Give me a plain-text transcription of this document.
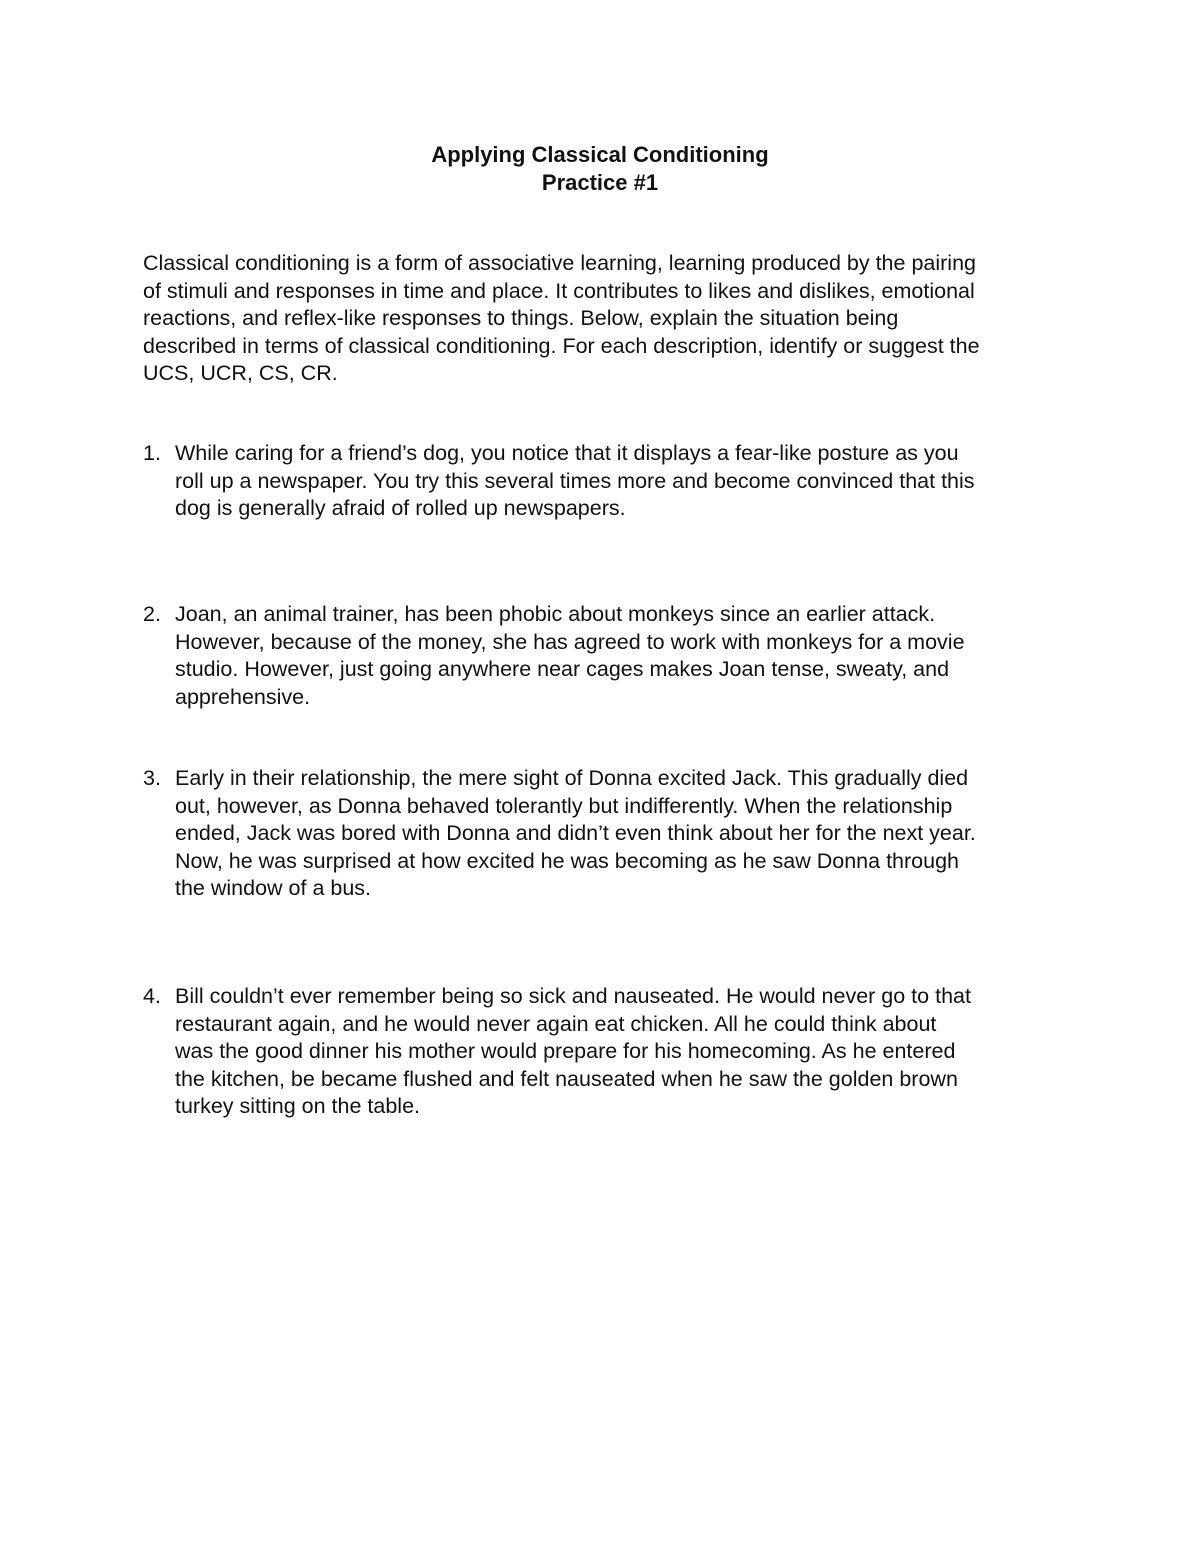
Applying Classical Conditioning
Practice #1
Classical conditioning is a form of associative learning, learning produced by the pairing
of stimuli and responses in time and place. It contributes to likes and dislikes, emotional
reactions, and reflex-like responses to things. Below, explain the situation being
described in terms of classical conditioning. For each description, identify or suggest the
UCS, UCR, CS, CR.
1. While caring for a friend’s dog, you notice that it displays a fear-like posture as you
roll up a newspaper. You try this several times more and become convinced that this
dog is generally afraid of rolled up newspapers.
2. Joan, an animal trainer, has been phobic about monkeys since an earlier attack.
However, because of the money, she has agreed to work with monkeys for a movie
studio. However, just going anywhere near cages makes Joan tense, sweaty, and
apprehensive.
3. Early in their relationship, the mere sight of Donna excited Jack. This gradually died
out, however, as Donna behaved tolerantly but indifferently. When the relationship
ended, Jack was bored with Donna and didn’t even think about her for the next year.
Now, he was surprised at how excited he was becoming as he saw Donna through
the window of a bus.
4. Bill couldn’t ever remember being so sick and nauseated. He would never go to that
restaurant again, and he would never again eat chicken. All he could think about
was the good dinner his mother would prepare for his homecoming. As he entered
the kitchen, be became flushed and felt nauseated when he saw the golden brown
turkey sitting on the table.
